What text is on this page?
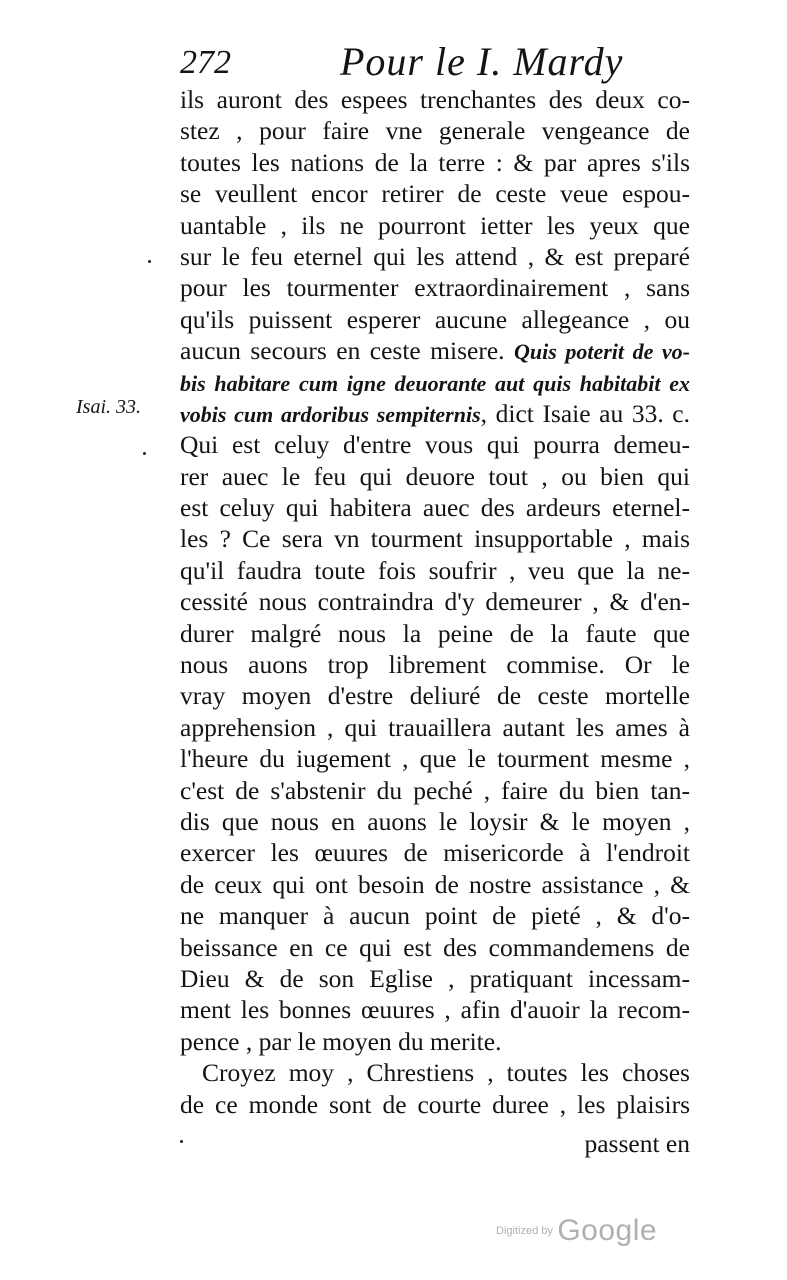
272	Pour le I. Mardy
Isai. 33.
ils auront des espees trenchantes des deux co-
stez , pour faire vne generale vengeance de
toutes les nations de la terre : & par apres s'ils
se veullent encor retirer de ceste veue espou-
uantable , ils ne pourront ietter les yeux que
sur le feu eternel qui les attend , & est preparé
pour les tourmenter extraordinairement , sans
qu'ils puissent esperer aucune allegeance , ou
aucun secours en ceste misere. Quis poterit de vo-
bis habitare cum igne deuorante aut quis habitabit ex
vobis cum ardoribus sempiternis, dict Isaie au 33. c.
Qui est celuy d'entre vous qui pourra demeu-
rer auec le feu qui deuore tout , ou bien qui
est celuy qui habitera auec des ardeurs eternel-
les ? Ce sera vn tourment insupportable , mais
qu'il faudra toute fois soufrir , veu que la ne-
cessité nous contraindra d'y demeurer , & d'en-
durer malgré nous la peine de la faute que
nous auons trop librement commise. Or le
vray moyen d'estre deliuré de ceste mortelle
apprehension , qui trauaillera autant les ames à
l'heure du iugement , que le tourment mesme ,
c'est de s'abstenir du peché , faire du bien tan-
dis que nous en auons le loysir & le moyen ,
exercer les œuures de misericorde à l'endroit
de ceux qui ont besoin de nostre assistance , &
ne manquer à aucun point de pieté , & d'o-
beissance en ce qui est des commandemens de
Dieu & de son Eglise , pratiquant incessam-
ment les bonnes œuures , afin d'auoir la recom-
pence , par le moyen du merite.
Croyez moy , Chrestiens , toutes les choses
de ce monde sont de courte duree , les plaisirs
passent en
Digitized by Google
